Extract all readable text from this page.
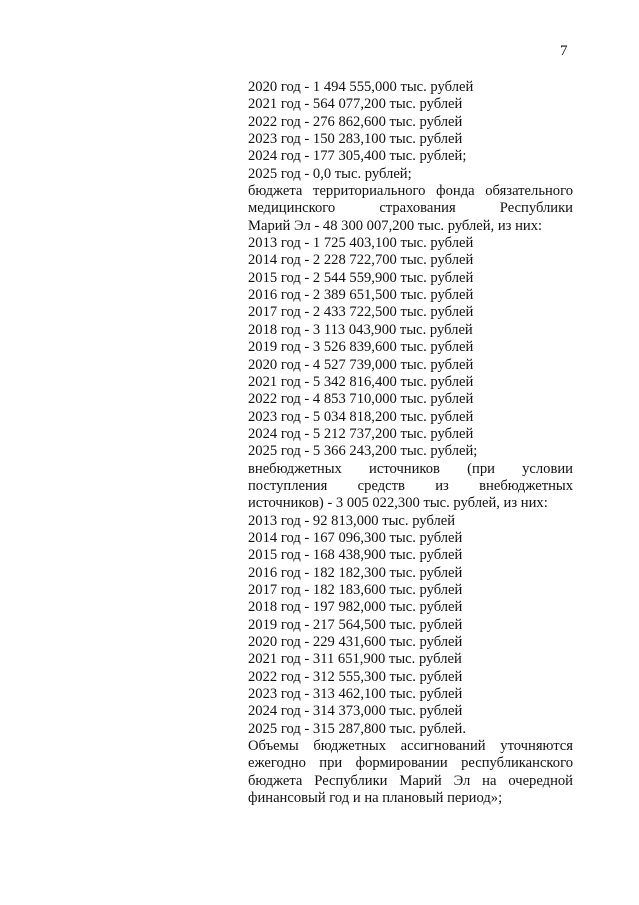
7
2020 год - 1 494 555,000 тыс. рублей
2021 год - 564 077,200 тыс. рублей
2022 год - 276 862,600 тыс. рублей
2023 год - 150 283,100 тыс. рублей
2024 год - 177 305,400 тыс. рублей;
2025 год - 0,0 тыс. рублей;
бюджета территориального фонда обязательного
медицинского страхования Республики
Марий Эл - 48 300 007,200 тыс. рублей, из них:
2013 год - 1 725 403,100 тыс. рублей
2014 год - 2 228 722,700 тыс. рублей
2015 год - 2 544 559,900 тыс. рублей
2016 год - 2 389 651,500 тыс. рублей
2017 год - 2 433 722,500 тыс. рублей
2018 год - 3 113 043,900 тыс. рублей
2019 год - 3 526 839,600 тыс. рублей
2020 год - 4 527 739,000 тыс. рублей
2021 год - 5 342 816,400 тыс. рублей
2022 год - 4 853 710,000 тыс. рублей
2023 год - 5 034 818,200 тыс. рублей
2024 год - 5 212 737,200 тыс. рублей
2025 год - 5 366 243,200 тыс. рублей;
внебюджетных источников (при условии
поступления средств из внебюджетных
источников) - 3 005 022,300 тыс. рублей, из них:
2013 год - 92 813,000 тыс. рублей
2014 год - 167 096,300 тыс. рублей
2015 год - 168 438,900 тыс. рублей
2016 год - 182 182,300 тыс. рублей
2017 год - 182 183,600 тыс. рублей
2018 год - 197 982,000 тыс. рублей
2019 год - 217 564,500 тыс. рублей
2020 год - 229 431,600 тыс. рублей
2021 год - 311 651,900 тыс. рублей
2022 год - 312 555,300 тыс. рублей
2023 год - 313 462,100 тыс. рублей
2024 год - 314 373,000 тыс. рублей
2025 год - 315 287,800 тыс. рублей.
Объемы бюджетных ассигнований уточняются
ежегодно при формировании республиканского
бюджета Республики Марий Эл на очередной
финансовый год и на плановый период»;
